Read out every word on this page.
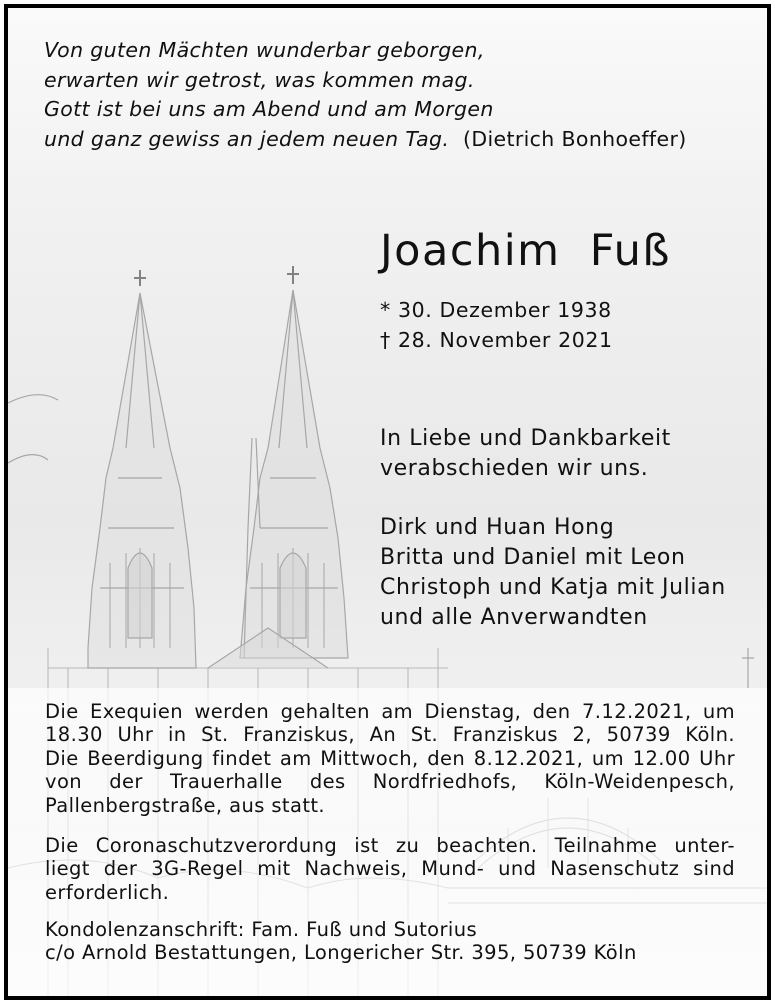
Von guten Mächten wunderbar geborgen,
erwarten wir getrost, was kommen mag.
Gott ist bei uns am Abend und am Morgen
und ganz gewiss an jedem neuen Tag. (Dietrich Bonhoeffer)
Joachim Fuß
* 30. Dezember 1938
† 28. November 2021
In Liebe und Dankbarkeit
verabschieden wir uns.
Dirk und Huan Hong
Britta und Daniel mit Leon
Christoph und Katja mit Julian
und alle Anverwandten
Die Exequien werden gehalten am Dienstag, den 7.12.2021, um
18.30 Uhr in St. Franziskus, An St. Franziskus 2, 50739 Köln.
Die Beerdigung findet am Mittwoch, den 8.12.2021, um 12.00 Uhr
von der Trauerhalle des Nordfriedhofs, Köln-Weidenpesch,
Pallenbergstraße, aus statt.
Die Coronaschutzverordung ist zu beachten. Teilnahme unter-
liegt der 3G-Regel mit Nachweis, Mund- und Nasenschutz sind
erforderlich.
Kondolenzanschrift: Fam. Fuß und Sutorius
c/o Arnold Bestattungen, Longericher Str. 395, 50739 Köln
